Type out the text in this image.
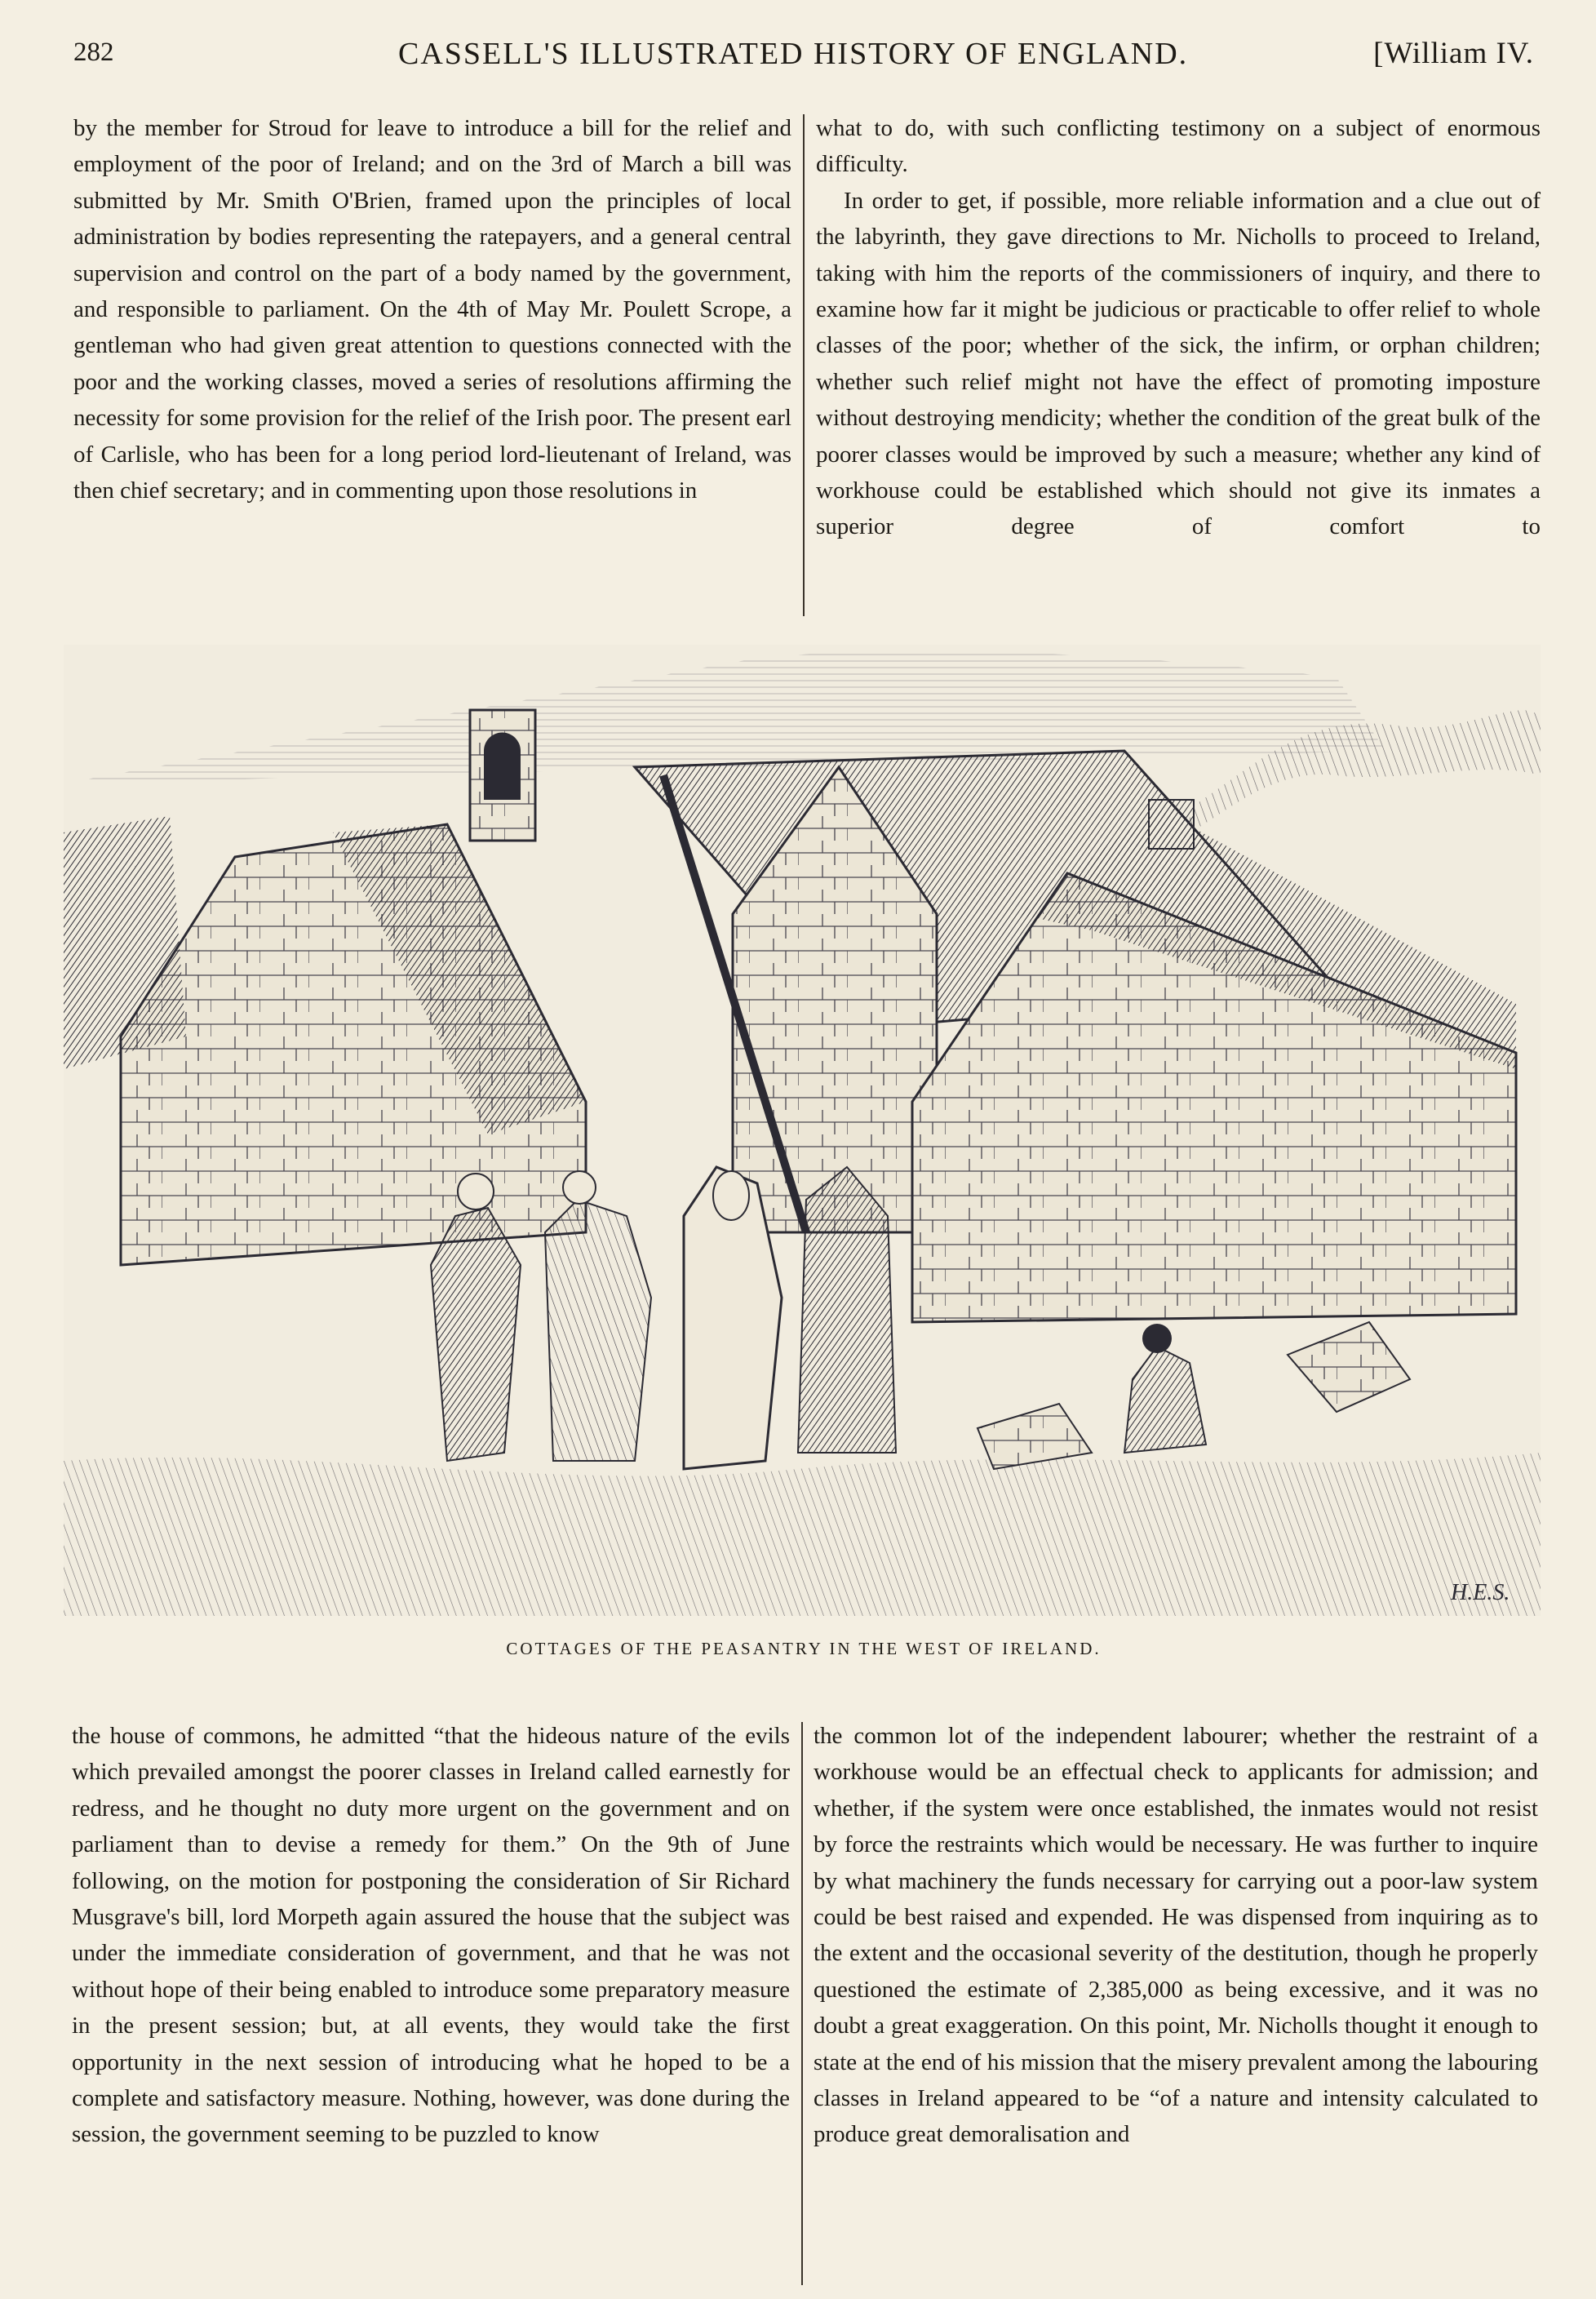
282	CASSELL'S ILLUSTRATED HISTORY OF ENGLAND.	[William IV.

by the member for Stroud for leave to introduce a bill for the relief and employment of the poor of Ireland; and on the 3rd of March a bill was submitted by Mr. Smith O'Brien, framed upon the principles of local administration by bodies representing the ratepayers, and a general central supervision and control on the part of a body named by the government, and responsible to parliament. On the 4th of May Mr. Poulett Scrope, a gentleman who had given great attention to questions connected with the poor and the working classes, moved a series of resolutions affirming the necessity for some provision for the relief of the Irish poor. The present earl of Carlisle, who has been for a long period lord-lieutenant of Ireland, was then chief secretary; and in commenting upon those resolutions in

what to do, with such conflicting testimony on a subject of enormous difficulty.

In order to get, if possible, more reliable information and a clue out of the labyrinth, they gave directions to Mr. Nicholls to proceed to Ireland, taking with him the reports of the commissioners of inquiry, and there to examine how far it might be judicious or practicable to offer relief to whole classes of the poor; whether of the sick, the infirm, or orphan children; whether such relief might not have the effect of promoting imposture without destroying mendicity; whether the condition of the great bulk of the poorer classes would be improved by such a measure; whether any kind of workhouse could be established which should not give its inmates a superior degree of comfort to

H.E.S.
COTTAGES OF THE PEASANTRY IN THE WEST OF IRELAND.

the house of commons, he admitted “that the hideous nature of the evils which prevailed amongst the poorer classes in Ireland called earnestly for redress, and he thought no duty more urgent on the government and on parliament than to devise a remedy for them.” On the 9th of June following, on the motion for postponing the consideration of Sir Richard Musgrave's bill, lord Morpeth again assured the house that the subject was under the immediate consideration of government, and that he was not without hope of their being enabled to introduce some preparatory measure in the present session; but, at all events, they would take the first opportunity in the next session of introducing what he hoped to be a complete and satisfactory measure. Nothing, however, was done during the session, the government seeming to be puzzled to know

the common lot of the independent labourer; whether the restraint of a workhouse would be an effectual check to applicants for admission; and whether, if the system were once established, the inmates would not resist by force the restraints which would be necessary. He was further to inquire by what machinery the funds necessary for carrying out a poor-law system could be best raised and expended. He was dispensed from inquiring as to the extent and the occasional severity of the destitution, though he properly questioned the estimate of 2,385,000 as being excessive, and it was no doubt a great exaggeration. On this point, Mr. Nicholls thought it enough to state at the end of his mission that the misery prevalent among the labouring classes in Ireland appeared to be “of a nature and intensity calculated to produce great demoralisation and
